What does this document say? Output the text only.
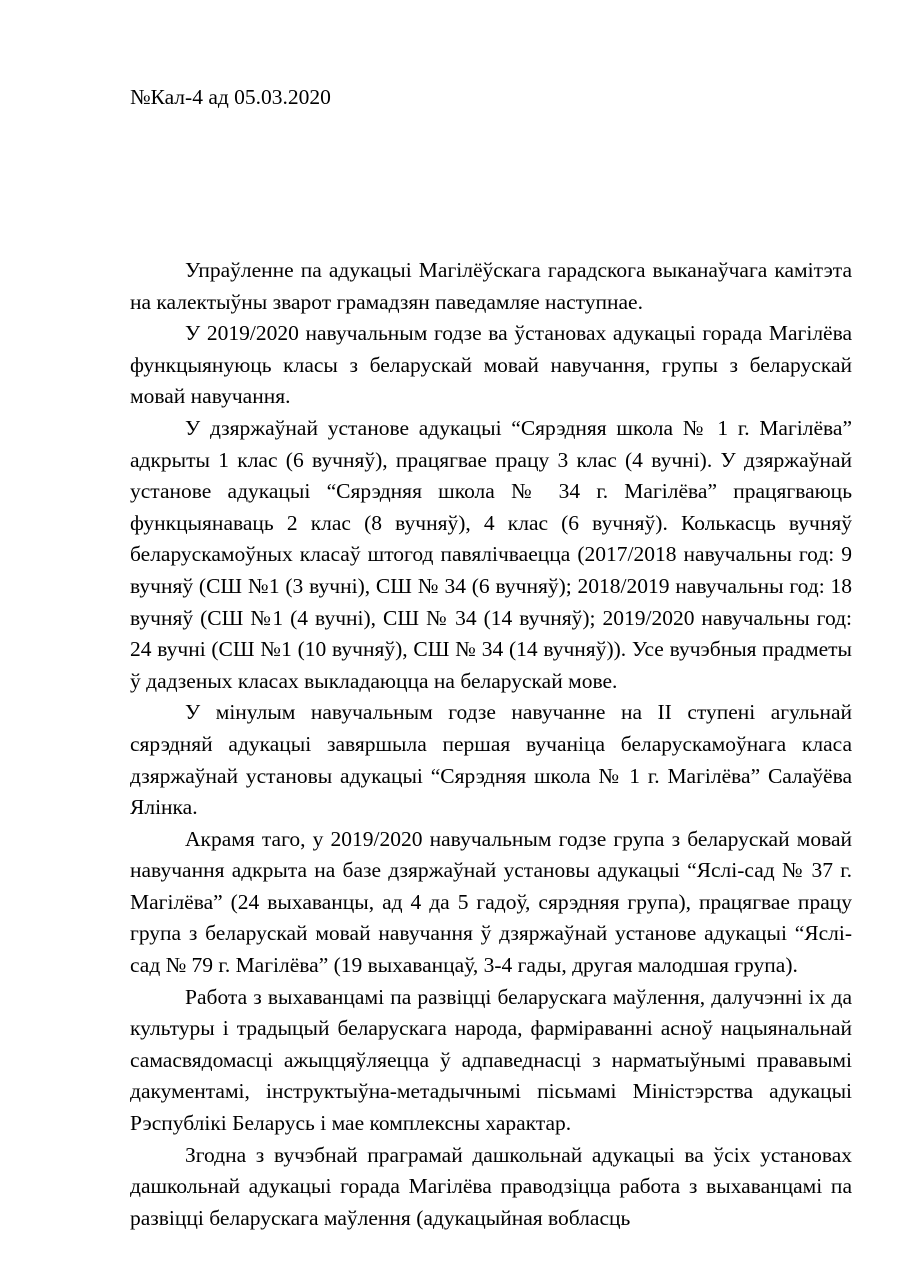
№Кал-4 ад 05.03.2020

Упраўленне па адукацыі Магілёўскага гарадскога выканаўчага камітэта на калектыўны зварот грамадзян паведамляе наступнае.

У 2019/2020 навучальным годзе ва ўстановах адукацыі горада Магілёва функцыянуюць класы з беларускай мовай навучання, групы з беларускай мовай навучання.

У дзяржаўнай установе адукацыі “Сярэдняя школа № 1 г. Магілёва” адкрыты 1 клас (6 вучняў), працягвае працу 3 клас (4 вучні). У дзяржаўнай установе адукацыі “Сярэдняя школа № 34 г. Магілёва” працягваюць функцыянаваць 2 клас (8 вучняў), 4 клас (6 вучняў). Колькасць вучняў беларускамоўных класаў штогод павялічваецца (2017/2018 навучальны год: 9 вучняў (СШ №1 (3 вучні), СШ № 34 (6 вучняў); 2018/2019 навучальны год: 18 вучняў (СШ №1 (4 вучні), СШ № 34 (14 вучняў); 2019/2020 навучальны год: 24 вучні (СШ №1 (10 вучняў), СШ № 34 (14 вучняў)). Усе вучэбныя прадметы ў дадзеных класах выкладаюцца на беларускай мове.

У мінулым навучальным годзе навучанне на ІІ ступені агульнай сярэдняй адукацыі завяршыла першая вучаніца беларускамоўнага класа дзяржаўнай установы адукацыі “Сярэдняя школа № 1 г. Магілёва” Салаўёва Ялінка.

Акрамя таго, у 2019/2020 навучальным годзе група з беларускай мовай навучання адкрыта на базе дзяржаўнай установы адукацыі “Яслі-сад № 37 г. Магілёва” (24 выхаванцы, ад 4 да 5 гадоў, сярэдняя група), працягвае працу група з беларускай мовай навучання ў дзяржаўнай установе адукацыі “Яслі-сад № 79 г. Магілёва” (19 выхаванцаў, 3-4 гады, другая малодшая група).

Работа з выхаванцамі па развіцці беларускага маўлення, далучэнні іх да культуры і традыцый беларускага народа, фарміраванні асноў нацыянальнай самасвядомасці ажыццяўляецца ў адпаведнасці з нарматыўнымі прававымі дакументамі, інструктыўна-метадычнымі пісьмамі Міністэрства адукацыі Рэспублікі Беларусь і мае комплексны характар.

Згодна з вучэбнай праграмай дашкольнай адукацыі ва ўсіх установах дашкольнай адукацыі горада Магілёва праводзіцца работа з выхаванцамі па развіцці беларускага маўлення (адукацыйная вобласць
